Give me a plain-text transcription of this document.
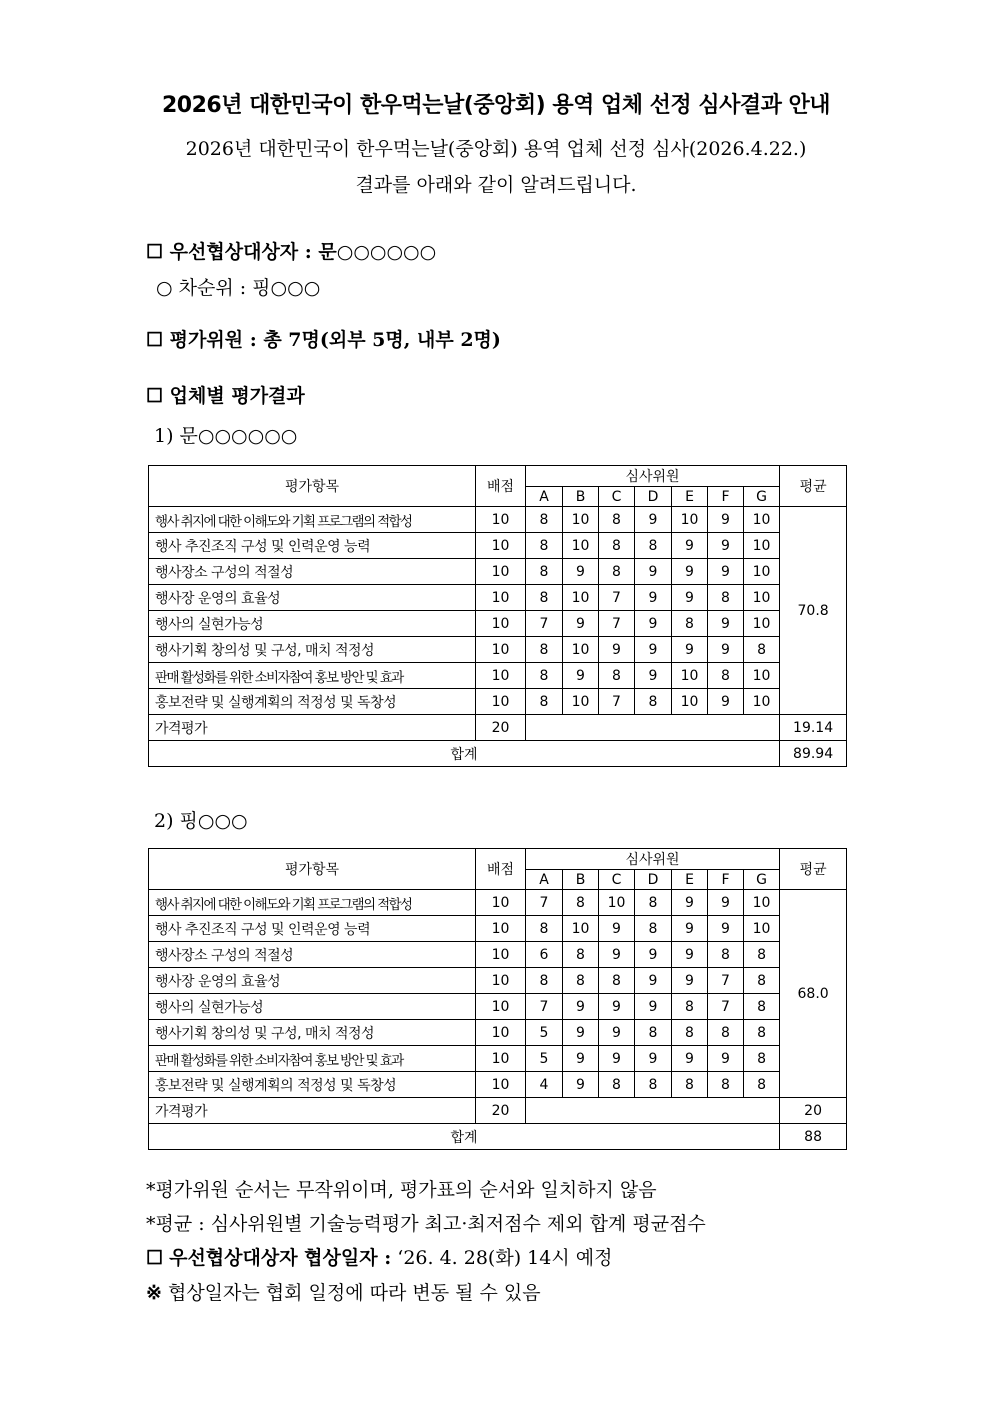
2026년 대한민국이 한우먹는날(중앙회) 용역 업체 선정 심사결과 안내
2026년 대한민국이 한우먹는날(중앙회) 용역 업체 선정 심사(2026.4.22.)
결과를 아래와 같이 알려드립니다.
☐ 우선협상대상자 : 문○○○○○○
○ 차순위 : 핑○○○
☐ 평가위원 : 총 7명(외부 5명, 내부 2명)
☐ 업체별 평가결과
1) 문○○○○○○
평가항목	배점	심사위원							평균
		A	B	C	D	E	F	G	
행사 취지에 대한 이해도와 기획 프로그램의 적합성	10	8	10	8	9	10	9	10	70.8
행사 추진조직 구성 및 인력운영 능력	10	8	10	8	8	9	9	10	
행사장소 구성의 적절성	10	8	9	8	9	9	9	10	
행사장 운영의 효율성	10	8	10	7	9	9	8	10	
행사의 실현가능성	10	7	9	7	9	8	9	10	
행사기획 창의성 및 구성, 매치 적정성	10	8	10	9	9	9	9	8	
판매 활성화를 위한 소비자참여 홍보 방안 및 효과	10	8	9	8	9	10	8	10	
홍보전략 및 실행계획의 적정성 및 독창성	10	8	10	7	8	10	9	10	
가격평가	20								19.14
합계									89.94
2) 핑○○○
평가항목	배점	심사위원							평균
		A	B	C	D	E	F	G	
행사 취지에 대한 이해도와 기획 프로그램의 적합성	10	7	8	10	8	9	9	10	68.0
행사 추진조직 구성 및 인력운영 능력	10	8	10	9	8	9	9	10	
행사장소 구성의 적절성	10	6	8	9	9	9	8	8	
행사장 운영의 효율성	10	8	8	8	9	9	7	8	
행사의 실현가능성	10	7	9	9	9	8	7	8	
행사기획 창의성 및 구성, 매치 적정성	10	5	9	9	8	8	8	8	
판매 활성화를 위한 소비자참여 홍보 방안 및 효과	10	5	9	9	9	9	9	8	
홍보전략 및 실행계획의 적정성 및 독창성	10	4	9	8	8	8	8	8	
가격평가	20								20
합계									88
*평가위원 순서는 무작위이며, 평가표의 순서와 일치하지 않음
*평균 : 심사위원별 기술능력평가 최고·최저점수 제외 합계 평균점수
☐ 우선협상대상자 협상일자 : ‘26. 4. 28(화) 14시 예정
※ 협상일자는 협회 일정에 따라 변동 될 수 있음
